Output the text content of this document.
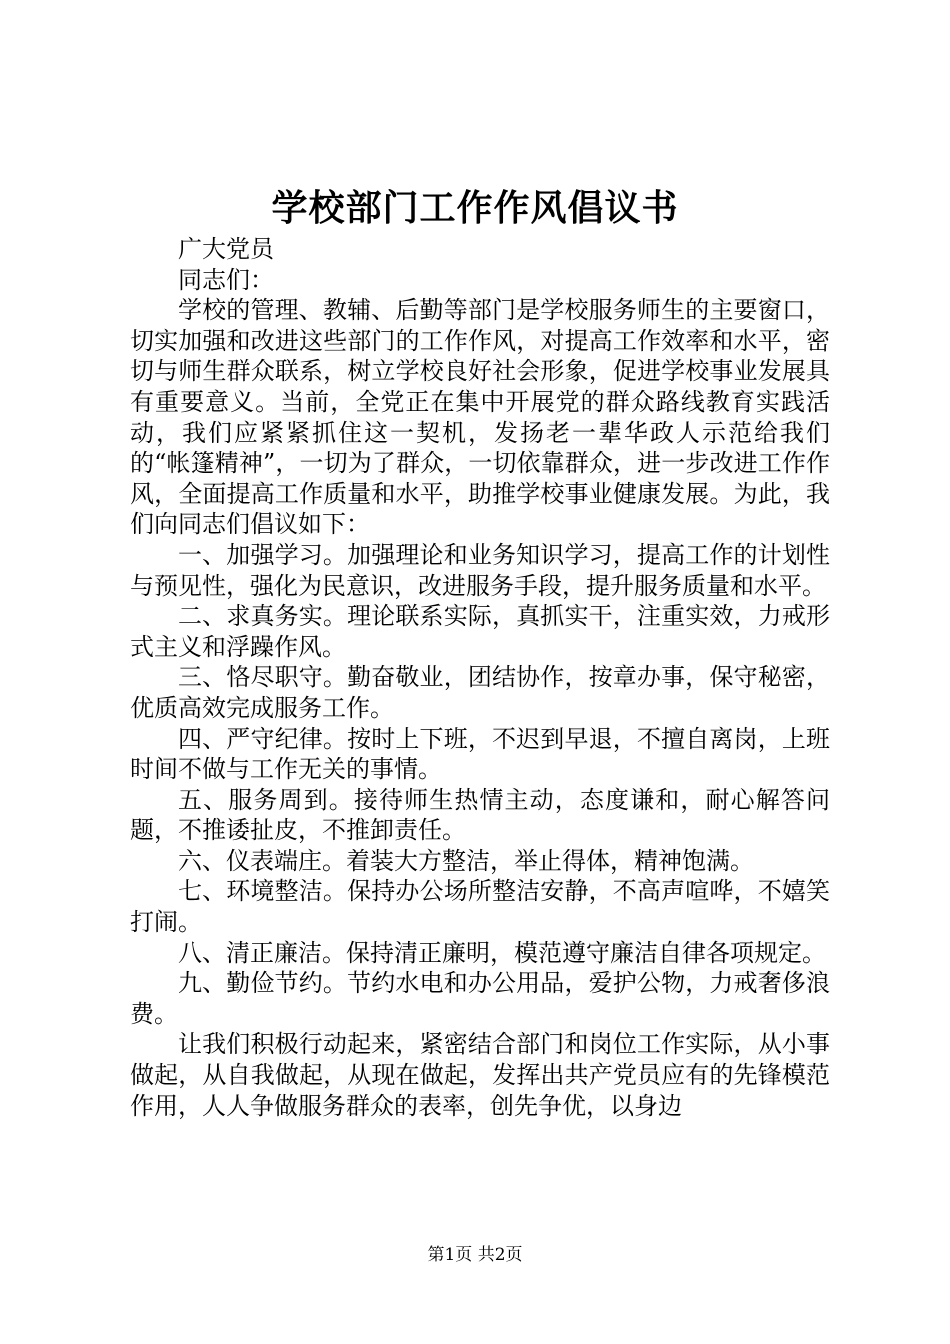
学校部门工作作风倡议书

广大党员

同志们：

学校的管理、教辅、后勤等部门是学校服务师生的主要窗口，切实加强和改进这些部门的工作作风，对提高工作效率和水平，密切与师生群众联系，树立学校良好社会形象，促进学校事业发展具有重要意义。当前，全党正在集中开展党的群众路线教育实践活动，我们应紧紧抓住这一契机，发扬老一辈华政人示范给我们的“帐篷精神”，一切为了群众，一切依靠群众，进一步改进工作作风，全面提高工作质量和水平，助推学校事业健康发展。为此，我们向同志们倡议如下：

一、加强学习。加强理论和业务知识学习，提高工作的计划性与预见性，强化为民意识，改进服务手段，提升服务质量和水平。

二、求真务实。理论联系实际，真抓实干，注重实效，力戒形式主义和浮躁作风。

三、恪尽职守。勤奋敬业，团结协作，按章办事，保守秘密，优质高效完成服务工作。

四、严守纪律。按时上下班，不迟到早退，不擅自离岗，上班时间不做与工作无关的事情。

五、服务周到。接待师生热情主动，态度谦和，耐心解答问题，不推诿扯皮，不推卸责任。

六、仪表端庄。着装大方整洁，举止得体，精神饱满。

七、环境整洁。保持办公场所整洁安静，不高声喧哗，不嬉笑打闹。

八、清正廉洁。保持清正廉明，模范遵守廉洁自律各项规定。

九、勤俭节约。节约水电和办公用品，爱护公物，力戒奢侈浪费。

让我们积极行动起来，紧密结合部门和岗位工作实际，从小事做起，从自我做起，从现在做起，发挥出共产党员应有的先锋模范作用，人人争做服务群众的表率，创先争优，以身边

第1页 共2页
